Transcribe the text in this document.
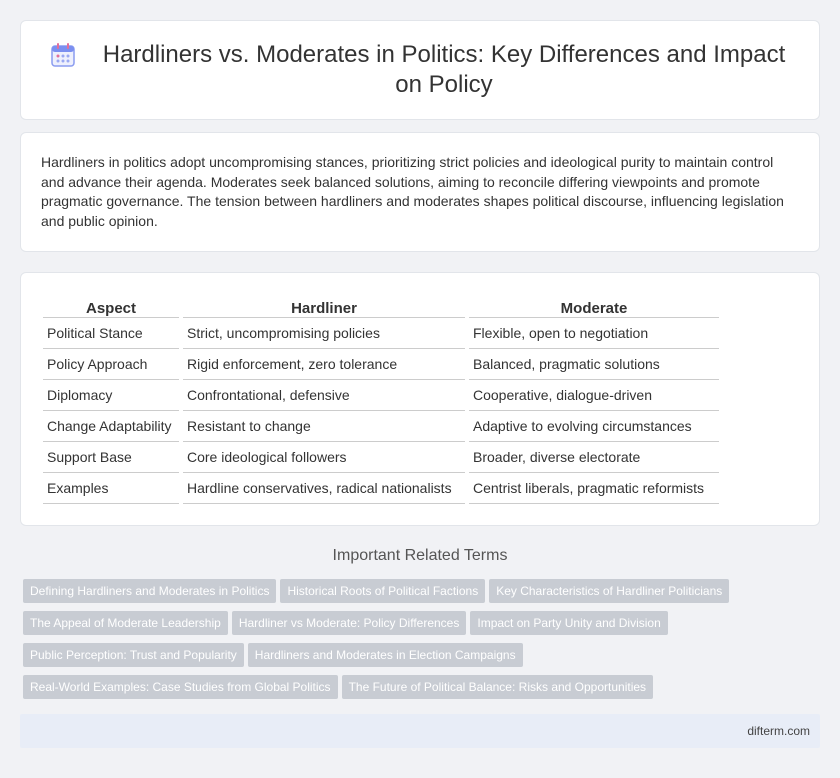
Hardliners vs. Moderates in Politics: Key Differences and Impact on Policy

Hardliners in politics adopt uncompromising stances, prioritizing strict policies and ideological purity to maintain control and advance their agenda. Moderates seek balanced solutions, aiming to reconcile differing viewpoints and promote pragmatic governance. The tension between hardliners and moderates shapes political discourse, influencing legislation and public opinion.

Aspect	Hardliner	Moderate
Political Stance	Strict, uncompromising policies	Flexible, open to negotiation
Policy Approach	Rigid enforcement, zero tolerance	Balanced, pragmatic solutions
Diplomacy	Confrontational, defensive	Cooperative, dialogue-driven
Change Adaptability	Resistant to change	Adaptive to evolving circumstances
Support Base	Core ideological followers	Broader, diverse electorate
Examples	Hardline conservatives, radical nationalists	Centrist liberals, pragmatic reformists
Important Related Terms
Defining Hardliners and Moderates in Politics Historical Roots of Political Factions Key Characteristics of Hardliner Politicians
The Appeal of Moderate Leadership Hardliner vs Moderate: Policy Differences Impact on Party Unity and Division
Public Perception: Trust and Popularity Hardliners and Moderates in Election Campaigns
Real-World Examples: Case Studies from Global Politics The Future of Political Balance: Risks and Opportunities
difterm.com
